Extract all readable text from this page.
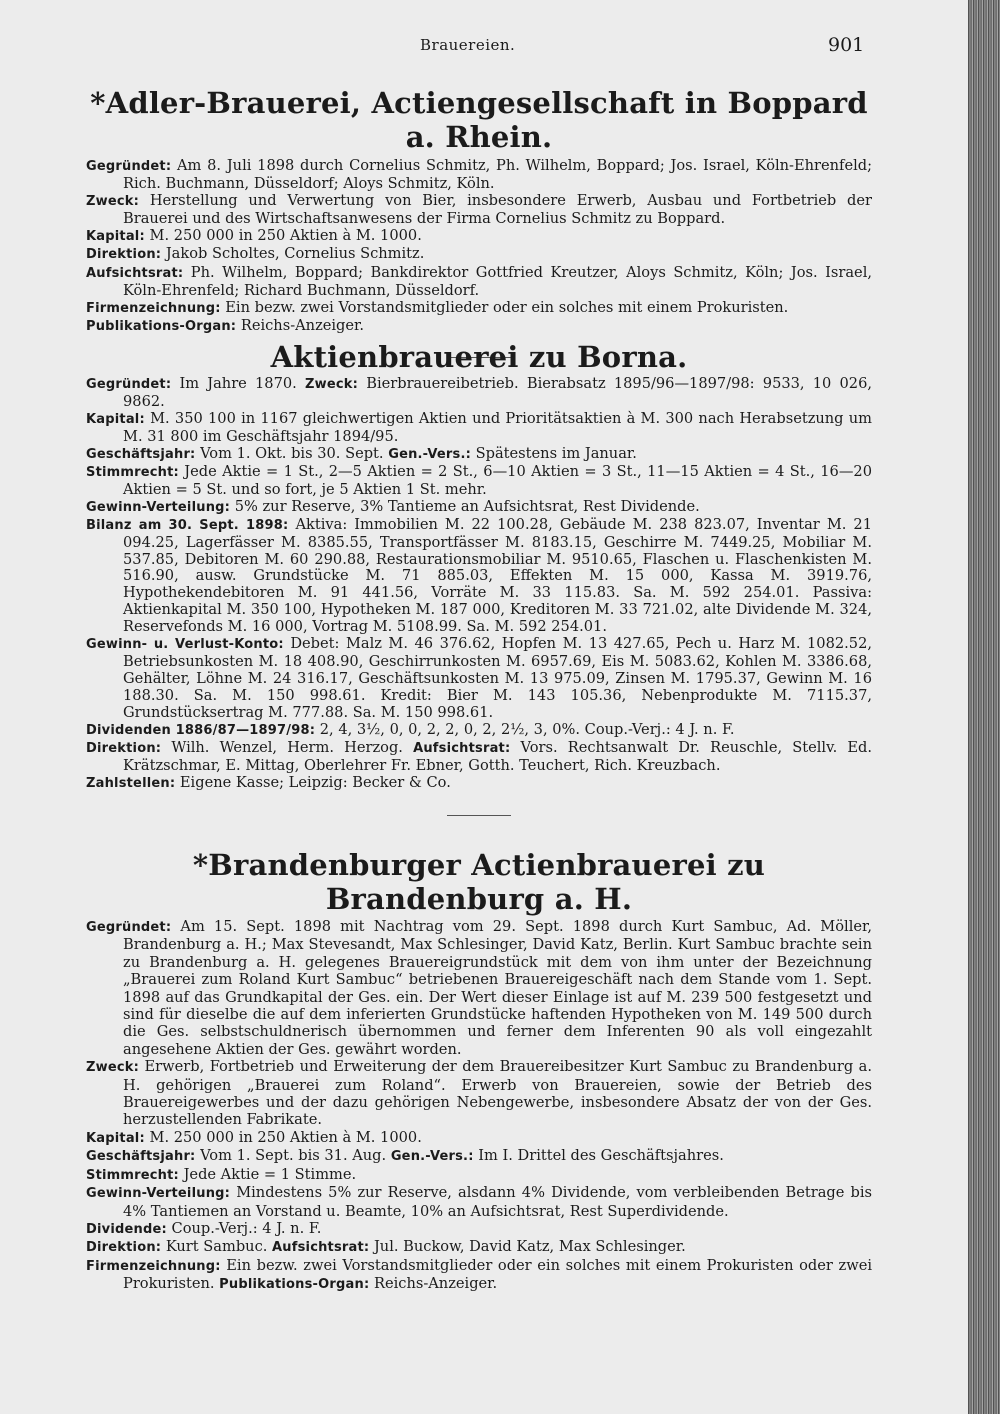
Brauereien.	901
*Adler-Brauerei, Actiengesellschaft in Boppard a. Rhein.

Gegründet: Am 8. Juli 1898 durch Cornelius Schmitz, Ph. Wilhelm, Boppard; Jos. Israel, Köln-Ehrenfeld; Rich. Buchmann, Düsseldorf; Aloys Schmitz, Köln.

Zweck: Herstellung und Verwertung von Bier, insbesondere Erwerb, Ausbau und Fortbetrieb der Brauerei und des Wirtschaftsanwesens der Firma Cornelius Schmitz zu Boppard.

Kapital: M. 250 000 in 250 Aktien à M. 1000.

Direktion: Jakob Scholtes, Cornelius Schmitz.

Aufsichtsrat: Ph. Wilhelm, Boppard; Bankdirektor Gottfried Kreutzer, Aloys Schmitz, Köln; Jos. Israel, Köln-Ehrenfeld; Richard Buchmann, Düsseldorf.

Firmenzeichnung: Ein bezw. zwei Vorstandsmitglieder oder ein solches mit einem Prokuristen.

Publikations-Organ: Reichs-Anzeiger.

Aktienbrauerei zu Borna.

Gegründet: Im Jahre 1870. Zweck: Bierbrauereibetrieb. Bierabsatz 1895/96—1897/98: 9533, 10 026, 9862.

Kapital: M. 350 100 in 1167 gleichwertigen Aktien und Prioritätsaktien à M. 300 nach Herabsetzung um M. 31 800 im Geschäftsjahr 1894/95.

Geschäftsjahr: Vom 1. Okt. bis 30. Sept. Gen.-Vers.: Spätestens im Januar.

Stimmrecht: Jede Aktie = 1 St., 2—5 Aktien = 2 St., 6—10 Aktien = 3 St., 11—15 Aktien = 4 St., 16—20 Aktien = 5 St. und so fort, je 5 Aktien 1 St. mehr.

Gewinn-Verteilung: 5% zur Reserve, 3% Tantieme an Aufsichtsrat, Rest Dividende.

Bilanz am 30. Sept. 1898: Aktiva: Immobilien M. 22 100.28, Gebäude M. 238 823.07, Inventar M. 21 094.25, Lagerfässer M. 8385.55, Transportfässer M. 8183.15, Geschirre M. 7449.25, Mobiliar M. 537.85, Debitoren M. 60 290.88, Restaurationsmobiliar M. 9510.65, Flaschen u. Flaschenkisten M. 516.90, ausw. Grundstücke M. 71 885.03, Effekten M. 15 000, Kassa M. 3919.76, Hypothekendebitoren M. 91 441.56, Vorräte M. 33 115.83. Sa. M. 592 254.01. Passiva: Aktienkapital M. 350 100, Hypotheken M. 187 000, Kreditoren M. 33 721.02, alte Dividende M. 324, Reservefonds M. 16 000, Vortrag M. 5108.99. Sa. M. 592 254.01.

Gewinn- u. Verlust-Konto: Debet: Malz M. 46 376.62, Hopfen M. 13 427.65, Pech u. Harz M. 1082.52, Betriebsunkosten M. 18 408.90, Geschirrunkosten M. 6957.69, Eis M. 5083.62, Kohlen M. 3386.68, Gehälter, Löhne M. 24 316.17, Geschäftsunkosten M. 13 975.09, Zinsen M. 1795.37, Gewinn M. 16 188.30. Sa. M. 150 998.61. Kredit: Bier M. 143 105.36, Nebenprodukte M. 7115.37, Grundstücksertrag M. 777.88. Sa. M. 150 998.61.

Dividenden 1886/87—1897/98: 2, 4, 3½, 0, 0, 2, 2, 0, 2, 2½, 3, 0%. Coup.-Verj.: 4 J. n. F.

Direktion: Wilh. Wenzel, Herm. Herzog. Aufsichtsrat: Vors. Rechtsanwalt Dr. Reuschle, Stellv. Ed. Krätzschmar, E. Mittag, Oberlehrer Fr. Ebner, Gotth. Teuchert, Rich. Kreuzbach.

Zahlstellen: Eigene Kasse; Leipzig: Becker & Co.

*Brandenburger Actienbrauerei zu Brandenburg a. H.

Gegründet: Am 15. Sept. 1898 mit Nachtrag vom 29. Sept. 1898 durch Kurt Sambuc, Ad. Möller, Brandenburg a. H.; Max Stevesandt, Max Schlesinger, David Katz, Berlin. Kurt Sambuc brachte sein zu Brandenburg a. H. gelegenes Brauereigrundstück mit dem von ihm unter der Bezeichnung „Brauerei zum Roland Kurt Sambuc“ betriebenen Brauereigeschäft nach dem Stande vom 1. Sept. 1898 auf das Grundkapital der Ges. ein. Der Wert dieser Einlage ist auf M. 239 500 festgesetzt und sind für dieselbe die auf dem inferierten Grundstücke haftenden Hypotheken von M. 149 500 durch die Ges. selbstschuldnerisch übernommen und ferner dem Inferenten 90 als voll eingezahlt angesehene Aktien der Ges. gewährt worden.

Zweck: Erwerb, Fortbetrieb und Erweiterung der dem Brauereibesitzer Kurt Sambuc zu Brandenburg a. H. gehörigen „Brauerei zum Roland“. Erwerb von Brauereien, sowie der Betrieb des Brauereigewerbes und der dazu gehörigen Nebengewerbe, insbesondere Absatz der von der Ges. herzustellenden Fabrikate.

Kapital: M. 250 000 in 250 Aktien à M. 1000.

Geschäftsjahr: Vom 1. Sept. bis 31. Aug. Gen.-Vers.: Im I. Drittel des Geschäftsjahres.

Stimmrecht: Jede Aktie = 1 Stimme.

Gewinn-Verteilung: Mindestens 5% zur Reserve, alsdann 4% Dividende, vom verbleibenden Betrage bis 4% Tantiemen an Vorstand u. Beamte, 10% an Aufsichtsrat, Rest Superdividende.

Dividende: Coup.-Verj.: 4 J. n. F.

Direktion: Kurt Sambuc. Aufsichtsrat: Jul. Buckow, David Katz, Max Schlesinger.

Firmenzeichnung: Ein bezw. zwei Vorstandsmitglieder oder ein solches mit einem Prokuristen oder zwei Prokuristen. Publikations-Organ: Reichs-Anzeiger.
